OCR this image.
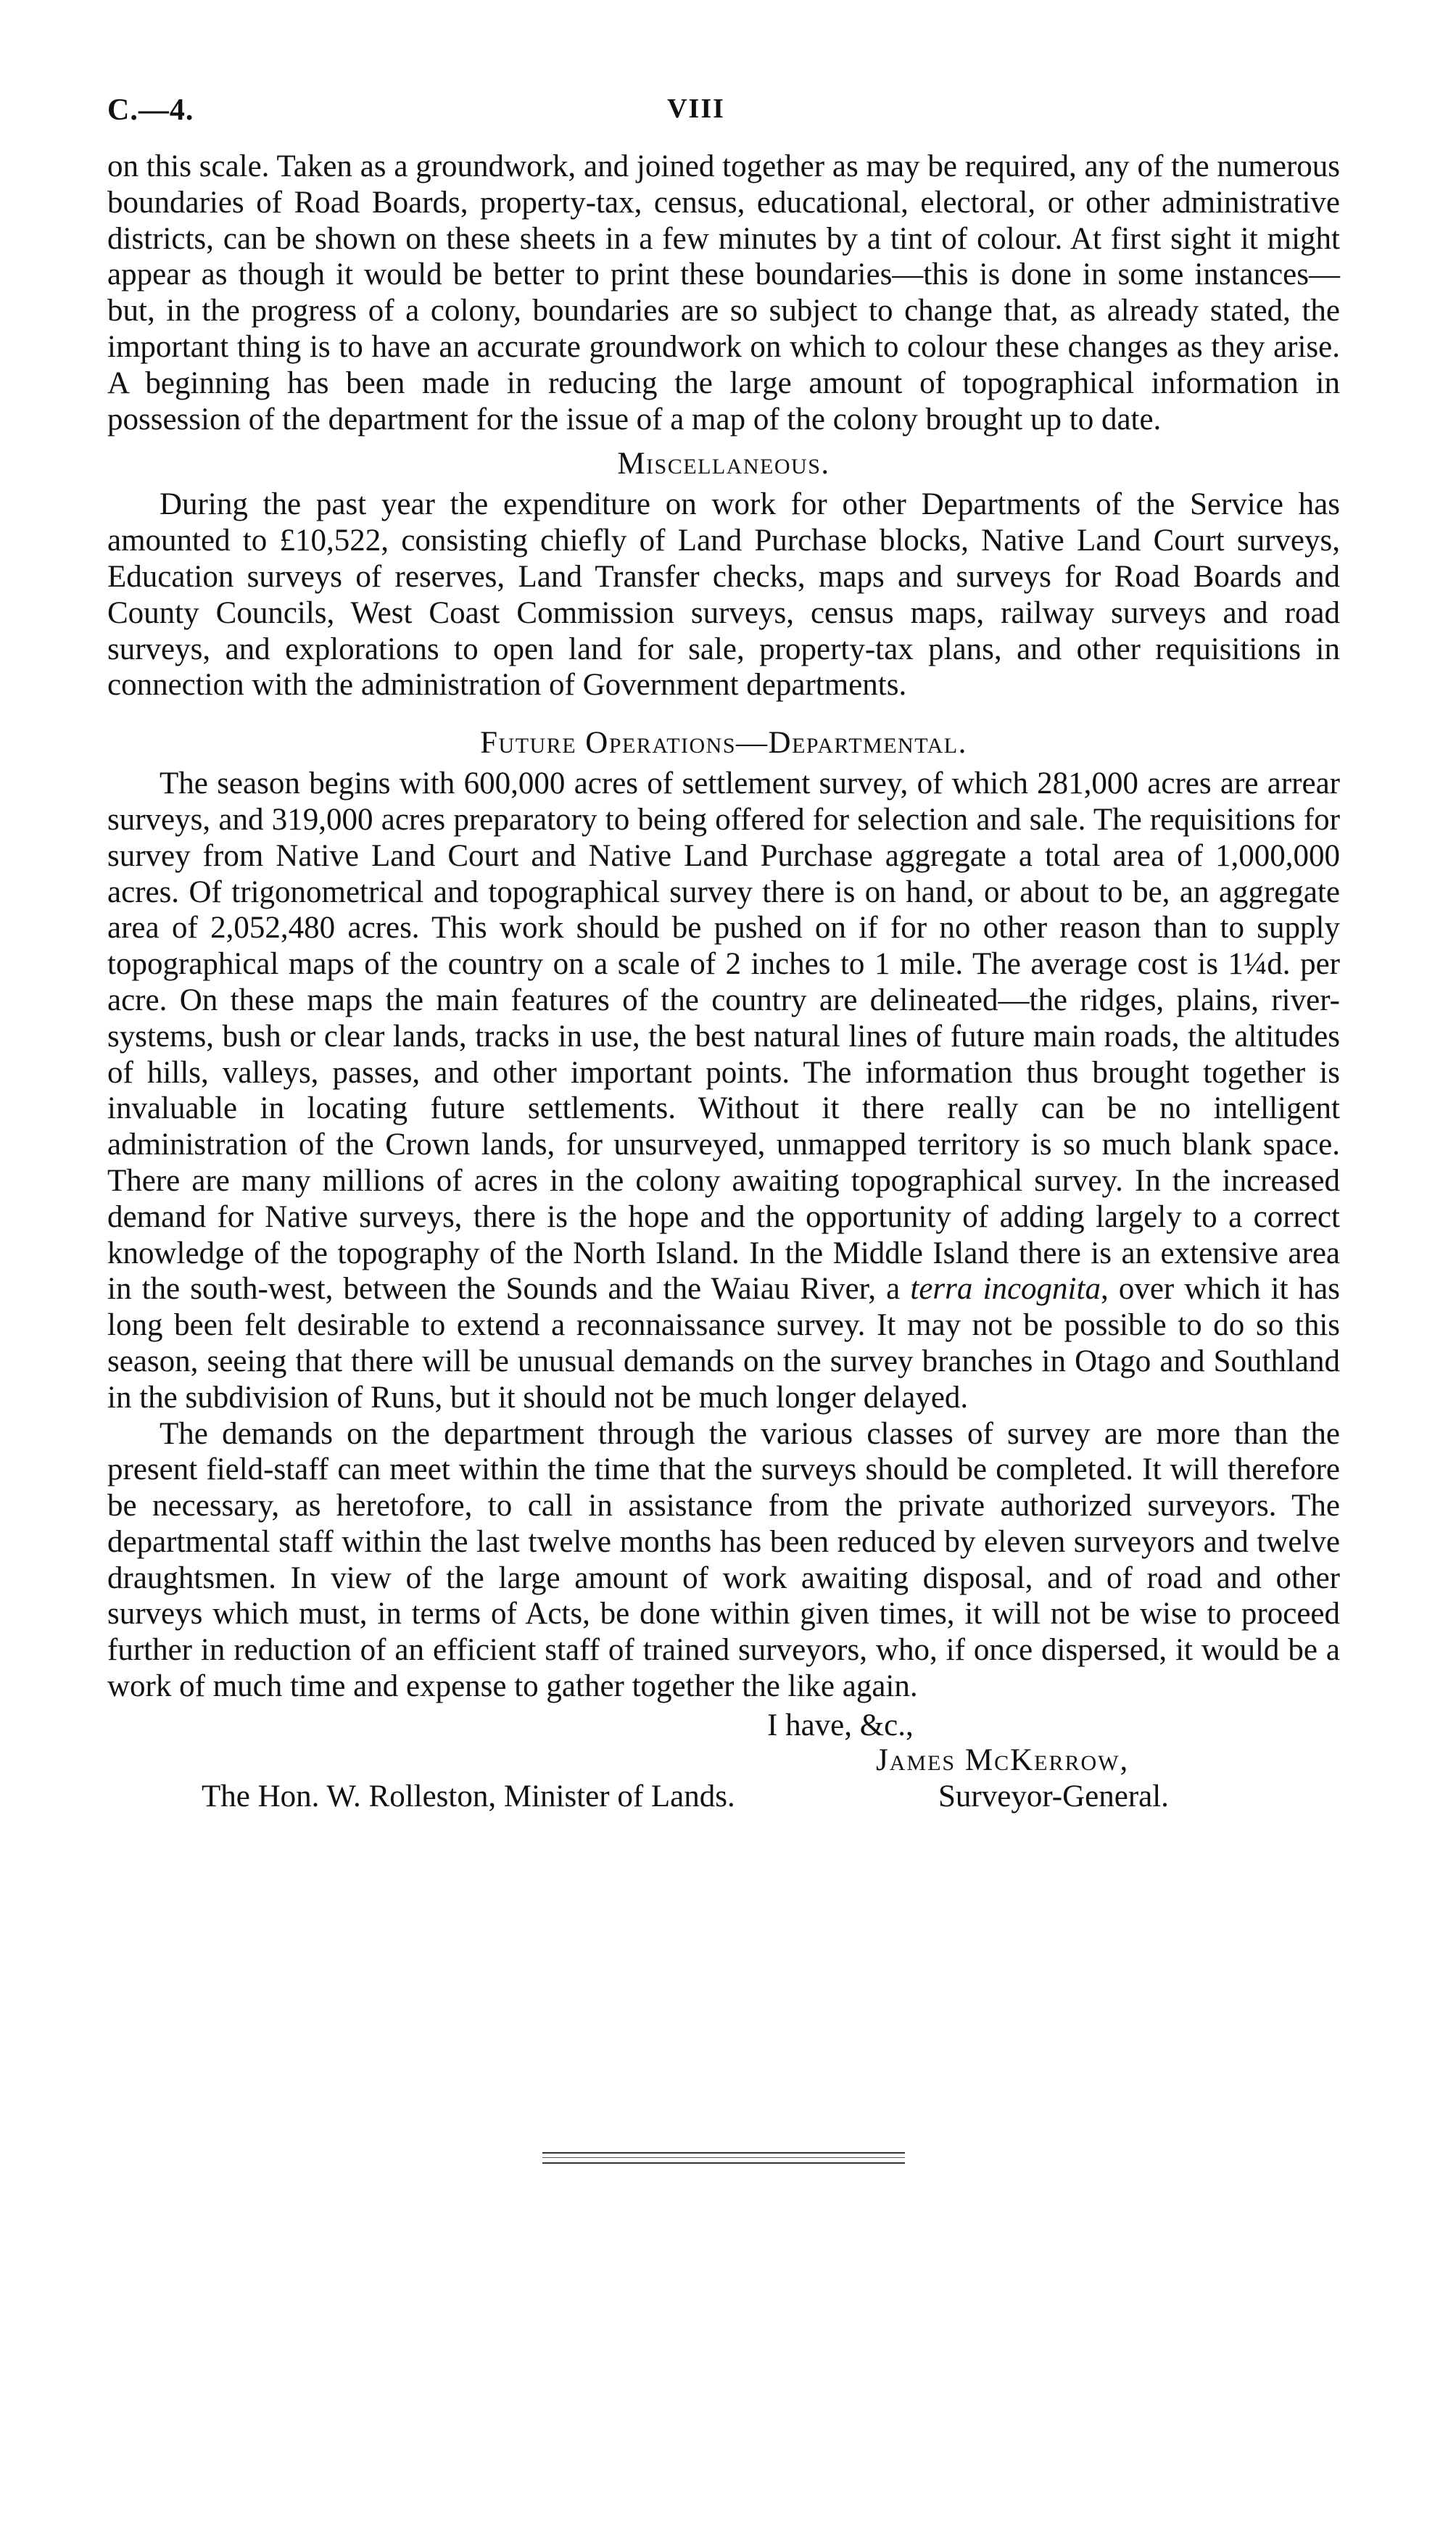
C.—4.	VIII

on this scale. Taken as a groundwork, and joined together as may be required, any of the numerous boundaries of Road Boards, property-tax, census, educational, electoral, or other administrative districts, can be shown on these sheets in a few minutes by a tint of colour. At first sight it might appear as though it would be better to print these boundaries—this is done in some instances—but, in the progress of a colony, boundaries are so subject to change that, as already stated, the important thing is to have an accurate groundwork on which to colour these changes as they arise. A beginning has been made in reducing the large amount of topographical information in possession of the department for the issue of a map of the colony brought up to date.

Miscellaneous.

During the past year the expenditure on work for other Departments of the Service has amounted to £10,522, consisting chiefly of Land Purchase blocks, Native Land Court surveys, Education surveys of reserves, Land Transfer checks, maps and surveys for Road Boards and County Councils, West Coast Commission surveys, census maps, railway surveys and road surveys, and explorations to open land for sale, property-tax plans, and other requisitions in connection with the administration of Government departments.

Future Operations—Departmental.

The season begins with 600,000 acres of settlement survey, of which 281,000 acres are arrear surveys, and 319,000 acres preparatory to being offered for selection and sale. The requisitions for survey from Native Land Court and Native Land Purchase aggregate a total area of 1,000,000 acres. Of trigonometrical and topographical survey there is on hand, or about to be, an aggregate area of 2,052,480 acres. This work should be pushed on if for no other reason than to supply topographical maps of the country on a scale of 2 inches to 1 mile. The average cost is 1¼d. per acre. On these maps the main features of the country are delineated—the ridges, plains, river-systems, bush or clear lands, tracks in use, the best natural lines of future main roads, the altitudes of hills, valleys, passes, and other important points. The information thus brought together is invaluable in locating future settlements. Without it there really can be no intelligent administration of the Crown lands, for unsurveyed, unmapped territory is so much blank space. There are many millions of acres in the colony awaiting topographical survey. In the increased demand for Native surveys, there is the hope and the opportunity of adding largely to a correct knowledge of the topography of the North Island. In the Middle Island there is an extensive area in the south-west, between the Sounds and the Waiau River, a terra incognita, over which it has long been felt desirable to extend a reconnaissance survey. It may not be possible to do so this season, seeing that there will be unusual demands on the survey branches in Otago and Southland in the subdivision of Runs, but it should not be much longer delayed.

The demands on the department through the various classes of survey are more than the present field-staff can meet within the time that the surveys should be completed. It will therefore be necessary, as heretofore, to call in assistance from the private authorized surveyors. The departmental staff within the last twelve months has been reduced by eleven surveyors and twelve draughtsmen. In view of the large amount of work awaiting disposal, and of road and other surveys which must, in terms of Acts, be done within given times, it will not be wise to proceed further in reduction of an efficient staff of trained surveyors, who, if once dispersed, it would be a work of much time and expense to gather together the like again.

I have, &c.,
James McKerrow,
The Hon. W. Rolleston, Minister of Lands.	Surveyor-General.
